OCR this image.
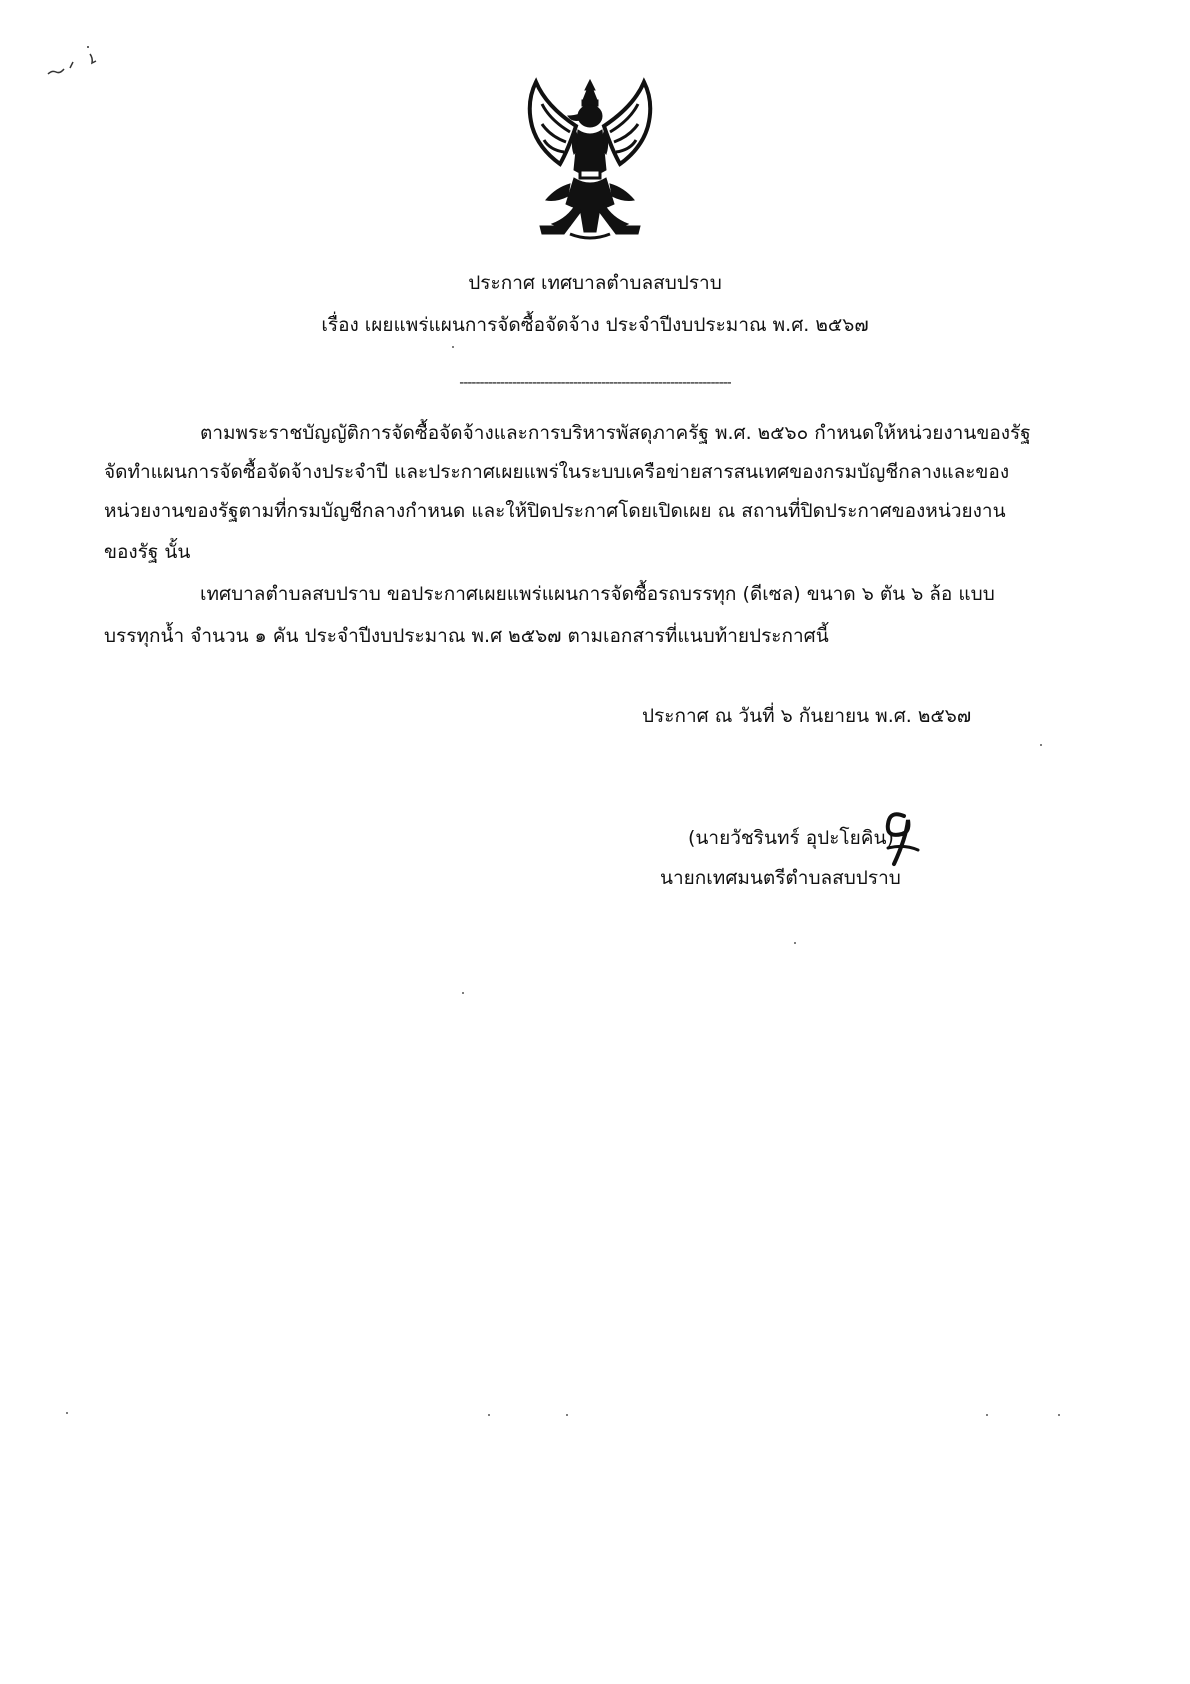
ประกาศ เทศบาลตำบลสบปราบ
เรื่อง เผยแพร่แผนการจัดซื้อจัดจ้าง ประจำปีงบประมาณ พ.ศ. ๒๕๖๗
-------------------------------------------------------------------
ตามพระราชบัญญัติการจัดซื้อจัดจ้างและการบริหารพัสดุภาครัฐ พ.ศ. ๒๕๖๐ กำหนดให้หน่วยงานของรัฐ
จัดทำแผนการจัดซื้อจัดจ้างประจำปี และประกาศเผยแพร่ในระบบเครือข่ายสารสนเทศของกรมบัญชีกลางและของ
หน่วยงานของรัฐตามที่กรมบัญชีกลางกำหนด และให้ปิดประกาศโดยเปิดเผย ณ สถานที่ปิดประกาศของหน่วยงาน
ของรัฐ นั้น
เทศบาลตำบลสบปราบ ขอประกาศเผยแพร่แผนการจัดซื้อรถบรรทุก (ดีเซล) ขนาด ๖ ตัน ๖ ล้อ แบบ
บรรทุกน้ำ จำนวน ๑ คัน ประจำปีงบประมาณ พ.ศ ๒๕๖๗ ตามเอกสารที่แนบท้ายประกาศนี้
ประกาศ ณ วันที่ ๖ กันยายน พ.ศ. ๒๕๖๗
(นายวัชรินทร์ อุปะโยคิน)
นายกเทศมนตรีตำบลสบปราบ
